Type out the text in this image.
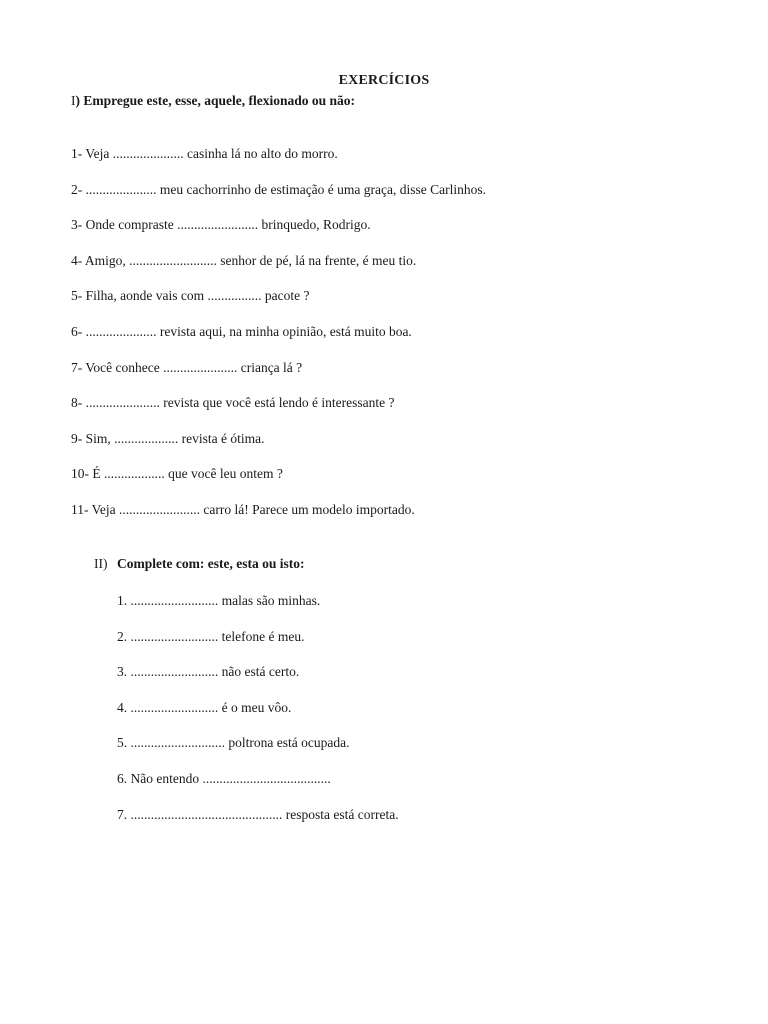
EXERCÍCIOS
I) Empregue este, esse, aquele, flexionado ou não:
1- Veja ..................... casinha lá no alto do morro.
2- ..................... meu cachorrinho de estimação é uma graça, disse Carlinhos.
3- Onde compraste ........................ brinquedo, Rodrigo.
4- Amigo, .......................... senhor de pé, lá na frente, é meu tio.
5- Filha, aonde vais com ................ pacote ?
6- ..................... revista aqui, na minha opinião, está muito boa.
7- Você conhece ...................... criança lá ?
8- ...................... revista que você está lendo é interessante ?
9- Sim, ................... revista é ótima.
10- É .................. que você leu ontem ?
11- Veja ........................ carro lá! Parece um modelo importado.
II) Complete com: este, esta ou isto:
1. .......................... malas são minhas.
2. .......................... telefone é meu.
3. .......................... não está certo.
4. .......................... é o meu vôo.
5. ............................ poltrona está ocupada.
6. Não entendo ......................................
7. ............................................. resposta está correta.
